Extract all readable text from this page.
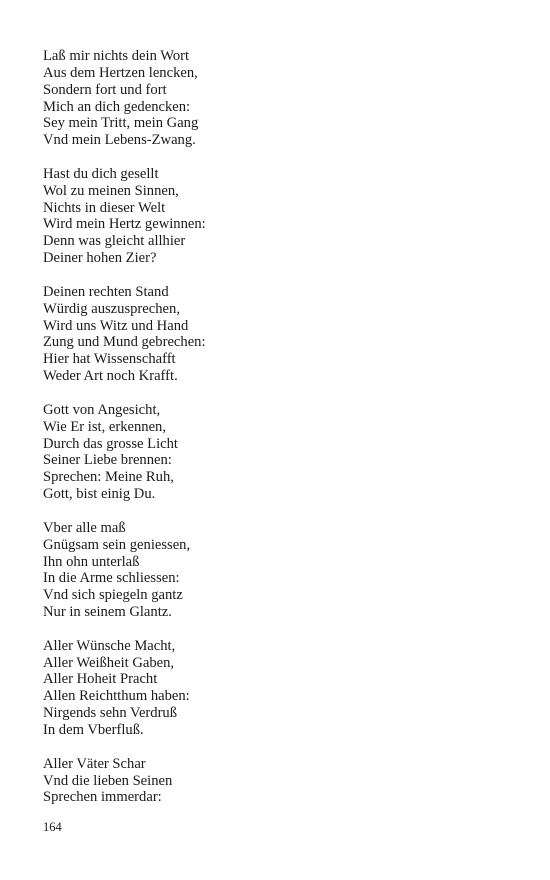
Laß mir nichts dein Wort
Aus dem Hertzen lencken,
Sondern fort und fort
Mich an dich gedencken:
Sey mein Tritt, mein Gang
Vnd mein Lebens-Zwang.
Hast du dich gesellt
Wol zu meinen Sinnen,
Nichts in dieser Welt
Wird mein Hertz gewinnen:
Denn was gleicht allhier
Deiner hohen Zier?
Deinen rechten Stand
Würdig auszusprechen,
Wird uns Witz und Hand
Zung und Mund gebrechen:
Hier hat Wissenschafft
Weder Art noch Krafft.
Gott von Angesicht,
Wie Er ist, erkennen,
Durch das grosse Licht
Seiner Liebe brennen:
Sprechen: Meine Ruh,
Gott, bist einig Du.
Vber alle maß
Gnügsam sein geniessen,
Ihn ohn unterlaß
In die Arme schliessen:
Vnd sich spiegeln gantz
Nur in seinem Glantz.
Aller Wünsche Macht,
Aller Weißheit Gaben,
Aller Hoheit Pracht
Allen Reichtthum haben:
Nirgends sehn Verdruß
In dem Vberfluß.
Aller Väter Schar
Vnd die lieben Seinen
Sprechen immerdar:
164
